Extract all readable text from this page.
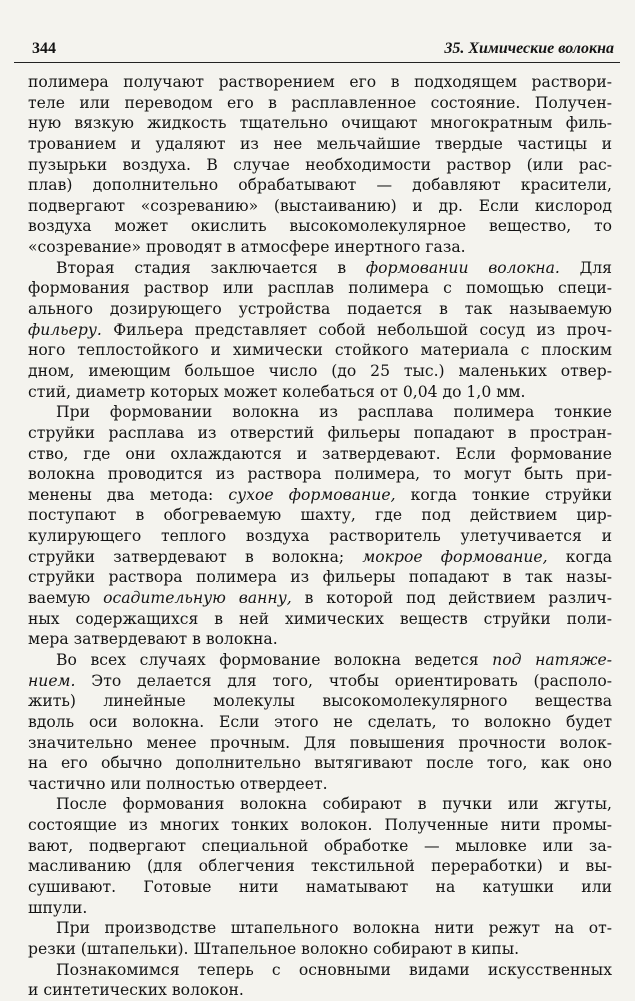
344	35. Химические волокна
полимера получают растворением его в подходящем раствори-
теле или переводом его в расплавленное состояние. Получен-
ную вязкую жидкость тщательно очищают многократным филь-
трованием и удаляют из нее мельчайшие твердые частицы и
пузырьки воздуха. В случае необходимости раствор (или рас-
плав) дополнительно обрабатывают — добавляют красители,
подвергают «созреванию» (выстаиванию) и др. Если кислород
воздуха может окислить высокомолекулярное вещество, то
«созревание» проводят в атмосфере инертного газа.
Вторая стадия заключается в формовании волокна. Для
формования раствор или расплав полимера с помощью специ-
ального дозирующего устройства подается в так называемую
фильеру. Фильера представляет собой небольшой сосуд из проч-
ного теплостойкого и химически стойкого материала с плоским
дном, имеющим большое число (до 25 тыс.) маленьких отвер-
стий, диаметр которых может колебаться от 0,04 до 1,0 мм.
При формовании волокна из расплава полимера тонкие
струйки расплава из отверстий фильеры попадают в простран-
ство, где они охлаждаются и затвердевают. Если формование
волокна проводится из раствора полимера, то могут быть при-
менены два метода: сухое формование, когда тонкие струйки
поступают в обогреваемую шахту, где под действием цир-
кулирующего теплого воздуха растворитель улетучивается и
струйки затвердевают в волокна; мокрое формование, когда
струйки раствора полимера из фильеры попадают в так назы-
ваемую осадительную ванну, в которой под действием различ-
ных содержащихся в ней химических веществ струйки поли-
мера затвердевают в волокна.
Во всех случаях формование волокна ведется под натяже-
нием. Это делается для того, чтобы ориентировать (располо-
жить) линейные молекулы высокомолекулярного вещества
вдоль оси волокна. Если этого не сделать, то волокно будет
значительно менее прочным. Для повышения прочности волок-
на его обычно дополнительно вытягивают после того, как оно
частично или полностью отвердеет.
После формования волокна собирают в пучки или жгуты,
состоящие из многих тонких волокон. Полученные нити промы-
вают, подвергают специальной обработке — мыловке или за-
масливанию (для облегчения текстильной переработки) и вы-
сушивают. Готовые нити наматывают на катушки или
шпули.
При производстве штапельного волокна нити режут на от-
резки (штапельки). Штапельное волокно собирают в кипы.
Познакомимся теперь с основными видами искусственных
и синтетических волокон.
